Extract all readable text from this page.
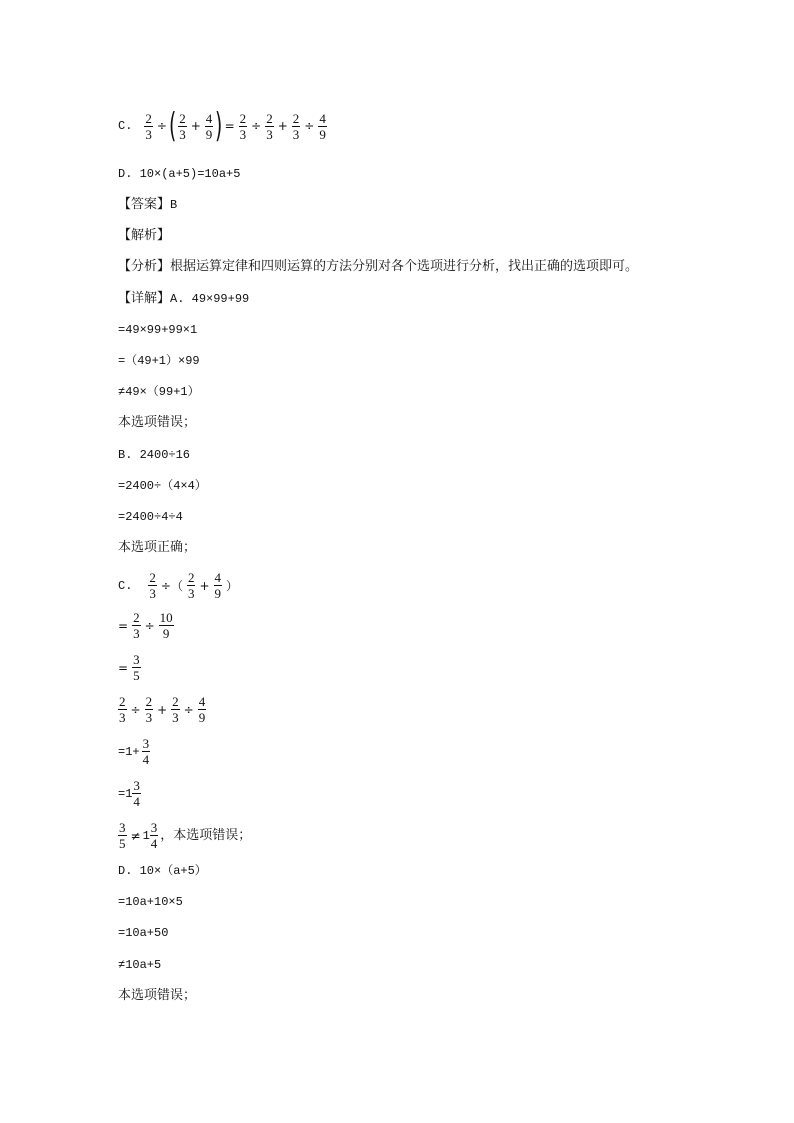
C. $\frac{2}{3}$ ÷ ( $\frac{2}{3} + \frac{4}{9}$ ) = $\frac{2}{3} \div \frac{2}{3} + \frac{2}{3} \div \frac{4}{9}$
D. 10×(a+5)=10a+5
【答案】 B
【解析】
【分析】 根据运算定律和四则运算的方法分别对各个选项进行分析，找出正确的选项即可。
【详解】 A. 49×99+99
=49×99+99×1
=（49+1）×99
≠49×（99+1）
本选项错误；
B. 2400÷16
=2400÷（4×4）
=2400÷4÷4
本选项正确；
C. $\frac{2}{3}$ ÷（ $\frac{2}{3} + \frac{4}{9}$ ）
= $\frac{2}{3} \div \frac{10}{9}$
= $\frac{3}{5}$
$\frac{2}{3} \div \frac{2}{3} + \frac{2}{3} \div \frac{4}{9}$
$=1+ \frac{3}{4}$
$=1 \frac{3}{4}$
$\frac{3}{5} \ne 1 \frac{3}{4}$ ，本选项错误；
D. 10×（a+5）
=10a+10×5
=10a+50
≠10a+5
本选项错误；
